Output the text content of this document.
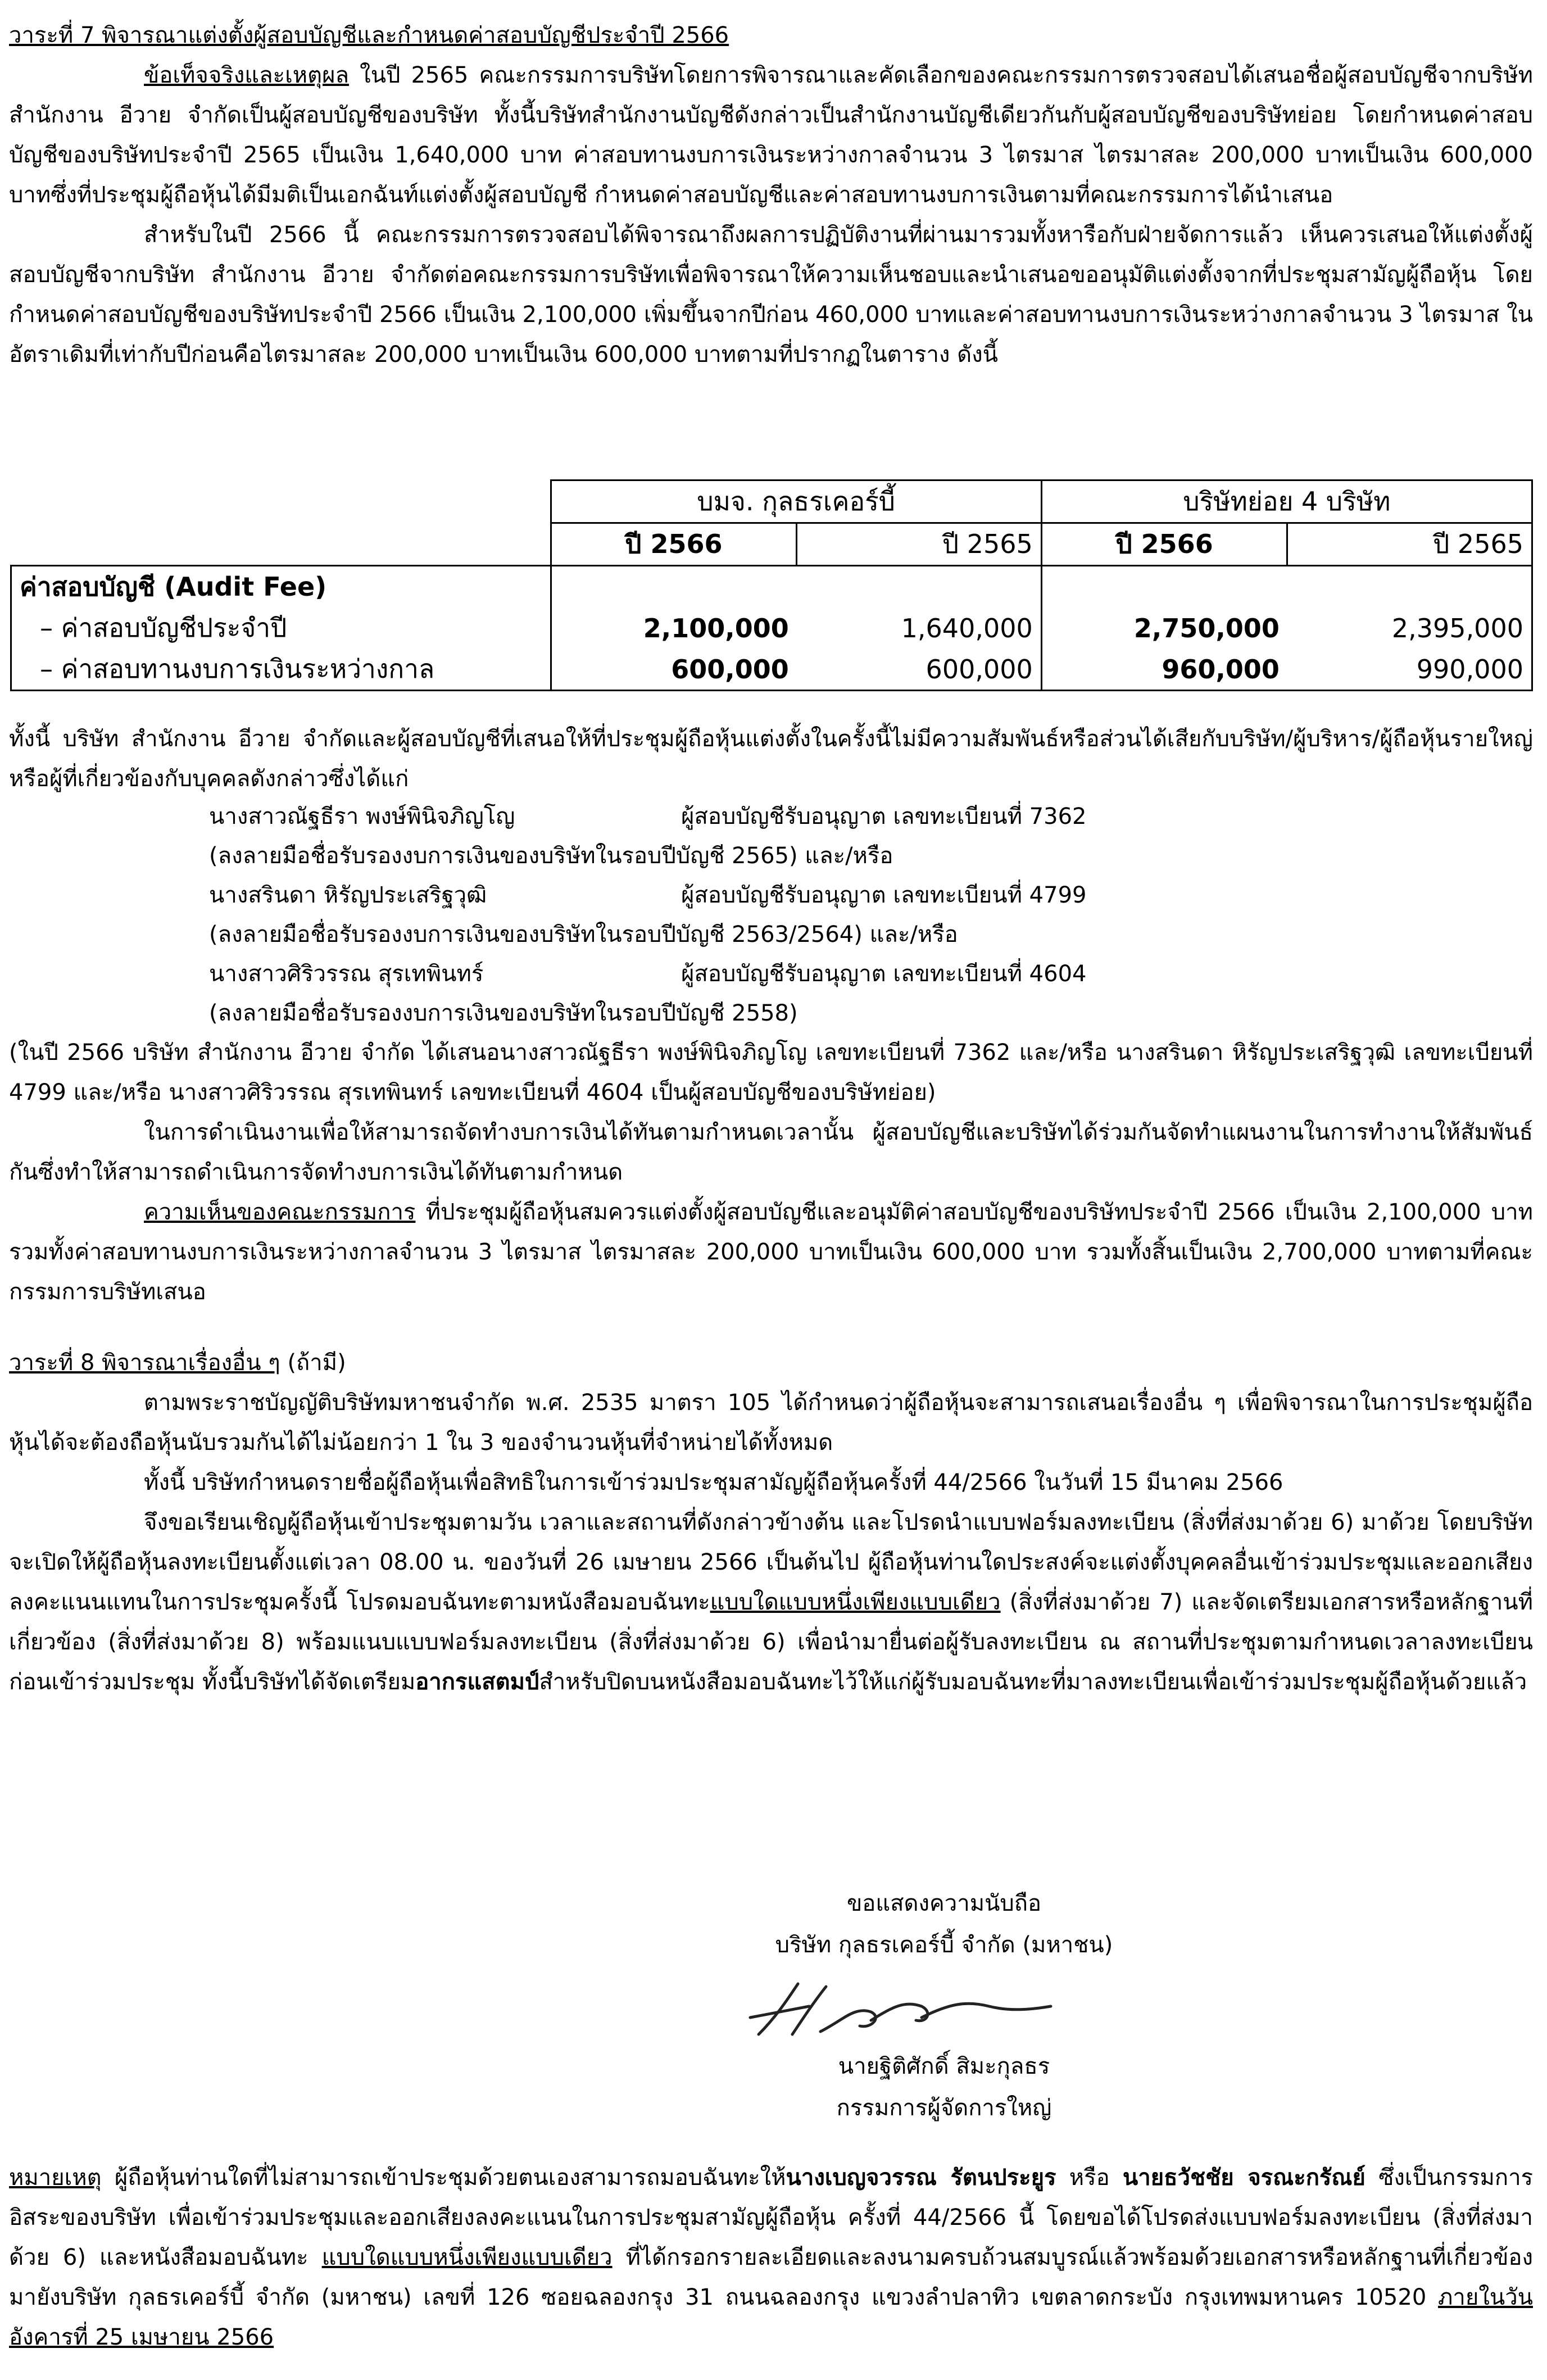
วาระที่ 7 พิจารณาแต่งตั้งผู้สอบบัญชีและกำหนดค่าสอบบัญชีประจำปี 2566

ข้อเท็จจริงและเหตุผล ในปี 2565 คณะกรรมการบริษัทโดยการพิจารณาและคัดเลือกของคณะกรรมการตรวจสอบได้เสนอชื่อผู้สอบบัญชีจากบริษัท สำนักงาน อีวาย จำกัดเป็นผู้สอบบัญชีของบริษัท ทั้งนี้บริษัทสำนักงานบัญชีดังกล่าวเป็นสำนักงานบัญชีเดียวกันกับผู้สอบบัญชีของบริษัทย่อย โดยกำหนดค่าสอบบัญชีของบริษัทประจำปี 2565 เป็นเงิน 1,640,000 บาท ค่าสอบทานงบการเงินระหว่างกาลจำนวน 3 ไตรมาส ไตรมาสละ 200,000 บาทเป็นเงิน 600,000 บาทซึ่งที่ประชุมผู้ถือหุ้นได้มีมติเป็นเอกฉันท์แต่งตั้งผู้สอบบัญชี กำหนดค่าสอบบัญชีและค่าสอบทานงบการเงินตามที่คณะกรรมการได้นำเสนอ

สำหรับในปี 2566 นี้ คณะกรรมการตรวจสอบได้พิจารณาถึงผลการปฏิบัติงานที่ผ่านมารวมทั้งหารือกับฝ่ายจัดการแล้ว เห็นควรเสนอให้แต่งตั้งผู้สอบบัญชีจากบริษัท สำนักงาน อีวาย จำกัดต่อคณะกรรมการบริษัทเพื่อพิจารณาให้ความเห็นชอบและนำเสนอขออนุมัติแต่งตั้งจากที่ประชุมสามัญผู้ถือหุ้น โดยกำหนดค่าสอบบัญชีของบริษัทประจำปี 2566 เป็นเงิน 2,100,000 เพิ่มขึ้นจากปีก่อน 460,000 บาทและค่าสอบทานงบการเงินระหว่างกาลจำนวน 3 ไตรมาส ในอัตราเดิมที่เท่ากับปีก่อนคือไตรมาสละ 200,000 บาทเป็นเงิน 600,000 บาทตามที่ปรากฏในตาราง ดังนี้

	บมจ. กุลธรเคอร์บี้		บริษัทย่อย 4 บริษัท	
	ปี 2566	ปี 2565	ปี 2566	ปี 2565
ค่าสอบบัญชี (Audit Fee)				
– ค่าสอบบัญชีประจำปี	2,100,000	1,640,000	2,750,000	2,395,000
– ค่าสอบทานงบการเงินระหว่างกาล	600,000	600,000	960,000	990,000

ทั้งนี้ บริษัท สำนักงาน อีวาย จำกัดและผู้สอบบัญชีที่เสนอให้ที่ประชุมผู้ถือหุ้นแต่งตั้งในครั้งนี้ไม่มีความสัมพันธ์หรือส่วนได้เสียกับบริษัท/ผู้บริหาร/ผู้ถือหุ้นรายใหญ่หรือผู้ที่เกี่ยวข้องกับบุคคลดังกล่าวซึ่งได้แก่

นางสาวณัฐธีรา พงษ์พินิจภิญโญ	ผู้สอบบัญชีรับอนุญาต เลขทะเบียนที่ 7362
(ลงลายมือชื่อรับรองงบการเงินของบริษัทในรอบปีบัญชี 2565) และ/หรือ
นางสรินดา หิรัญประเสริฐวุฒิ	ผู้สอบบัญชีรับอนุญาต เลขทะเบียนที่ 4799
(ลงลายมือชื่อรับรองงบการเงินของบริษัทในรอบปีบัญชี 2563/2564) และ/หรือ
นางสาวศิริวรรณ สุรเทพินทร์	ผู้สอบบัญชีรับอนุญาต เลขทะเบียนที่ 4604
(ลงลายมือชื่อรับรองงบการเงินของบริษัทในรอบปีบัญชี 2558)

(ในปี 2566 บริษัท สำนักงาน อีวาย จำกัด ได้เสนอนางสาวณัฐธีรา พงษ์พินิจภิญโญ เลขทะเบียนที่ 7362 และ/หรือ นางสรินดา หิรัญประเสริฐวุฒิ เลขทะเบียนที่ 4799 และ/หรือ นางสาวศิริวรรณ สุรเทพินทร์ เลขทะเบียนที่ 4604 เป็นผู้สอบบัญชีของบริษัทย่อย)

ในการดำเนินงานเพื่อให้สามารถจัดทำงบการเงินได้ทันตามกำหนดเวลานั้น ผู้สอบบัญชีและบริษัทได้ร่วมกันจัดทำแผนงานในการทำงานให้สัมพันธ์กันซึ่งทำให้สามารถดำเนินการจัดทำงบการเงินได้ทันตามกำหนด

ความเห็นของคณะกรรมการ ที่ประชุมผู้ถือหุ้นสมควรแต่งตั้งผู้สอบบัญชีและอนุมัติค่าสอบบัญชีของบริษัทประจำปี 2566 เป็นเงิน 2,100,000 บาท รวมทั้งค่าสอบทานงบการเงินระหว่างกาลจำนวน 3 ไตรมาส ไตรมาสละ 200,000 บาทเป็นเงิน 600,000 บาท รวมทั้งสิ้นเป็นเงิน 2,700,000 บาทตามที่คณะกรรมการบริษัทเสนอ

วาระที่ 8 พิจารณาเรื่องอื่น ๆ (ถ้ามี)

ตามพระราชบัญญัติบริษัทมหาชนจำกัด พ.ศ. 2535 มาตรา 105 ได้กำหนดว่าผู้ถือหุ้นจะสามารถเสนอเรื่องอื่น ๆ เพื่อพิจารณาในการประชุมผู้ถือหุ้นได้จะต้องถือหุ้นนับรวมกันได้ไม่น้อยกว่า 1 ใน 3 ของจำนวนหุ้นที่จำหน่ายได้ทั้งหมด

ทั้งนี้ บริษัทกำหนดรายชื่อผู้ถือหุ้นเพื่อสิทธิในการเข้าร่วมประชุมสามัญผู้ถือหุ้นครั้งที่ 44/2566 ในวันที่ 15 มีนาคม 2566

จึงขอเรียนเชิญผู้ถือหุ้นเข้าประชุมตามวัน เวลาและสถานที่ดังกล่าวข้างต้น และโปรดนำแบบฟอร์มลงทะเบียน (สิ่งที่ส่งมาด้วย 6) มาด้วย โดยบริษัทจะเปิดให้ผู้ถือหุ้นลงทะเบียนตั้งแต่เวลา 08.00 น. ของวันที่ 26 เมษายน 2566 เป็นต้นไป ผู้ถือหุ้นท่านใดประสงค์จะแต่งตั้งบุคคลอื่นเข้าร่วมประชุมและออกเสียงลงคะแนนแทนในการประชุมครั้งนี้ โปรดมอบฉันทะตามหนังสือมอบฉันทะแบบใดแบบหนึ่งเพียงแบบเดียว (สิ่งที่ส่งมาด้วย 7) และจัดเตรียมเอกสารหรือหลักฐานที่เกี่ยวข้อง (สิ่งที่ส่งมาด้วย 8) พร้อมแนบแบบฟอร์มลงทะเบียน (สิ่งที่ส่งมาด้วย 6) เพื่อนำมายื่นต่อผู้รับลงทะเบียน ณ สถานที่ประชุมตามกำหนดเวลาลงทะเบียนก่อนเข้าร่วมประชุม ทั้งนี้บริษัทได้จัดเตรียมอากรแสตมป์สำหรับปิดบนหนังสือมอบฉันทะไว้ให้แก่ผู้รับมอบฉันทะที่มาลงทะเบียนเพื่อเข้าร่วมประชุมผู้ถือหุ้นด้วยแล้ว

ขอแสดงความนับถือ
บริษัท กุลธรเคอร์บี้ จำกัด (มหาชน)
นายฐิติศักดิ์ สิมะกุลธร
กรรมการผู้จัดการใหญ่

หมายเหตุ ผู้ถือหุ้นท่านใดที่ไม่สามารถเข้าประชุมด้วยตนเองสามารถมอบฉันทะให้นางเบญจวรรณ รัตนประยูร หรือ นายธวัชชัย จรณะกรัณย์ ซึ่งเป็นกรรมการอิสระของบริษัท เพื่อเข้าร่วมประชุมและออกเสียงลงคะแนนในการประชุมสามัญผู้ถือหุ้น ครั้งที่ 44/2566 นี้ โดยขอได้โปรดส่งแบบฟอร์มลงทะเบียน (สิ่งที่ส่งมาด้วย 6) และหนังสือมอบฉันทะ แบบใดแบบหนึ่งเพียงแบบเดียว ที่ได้กรอกรายละเอียดและลงนามครบถ้วนสมบูรณ์แล้วพร้อมด้วยเอกสารหรือหลักฐานที่เกี่ยวข้องมายังบริษัท กุลธรเคอร์บี้ จำกัด (มหาชน) เลขที่ 126 ซอยฉลองกรุง 31 ถนนฉลองกรุง แขวงลำปลาทิว เขตลาดกระบัง กรุงเทพมหานคร 10520 ภายในวันอังคารที่ 25 เมษายน 2566
